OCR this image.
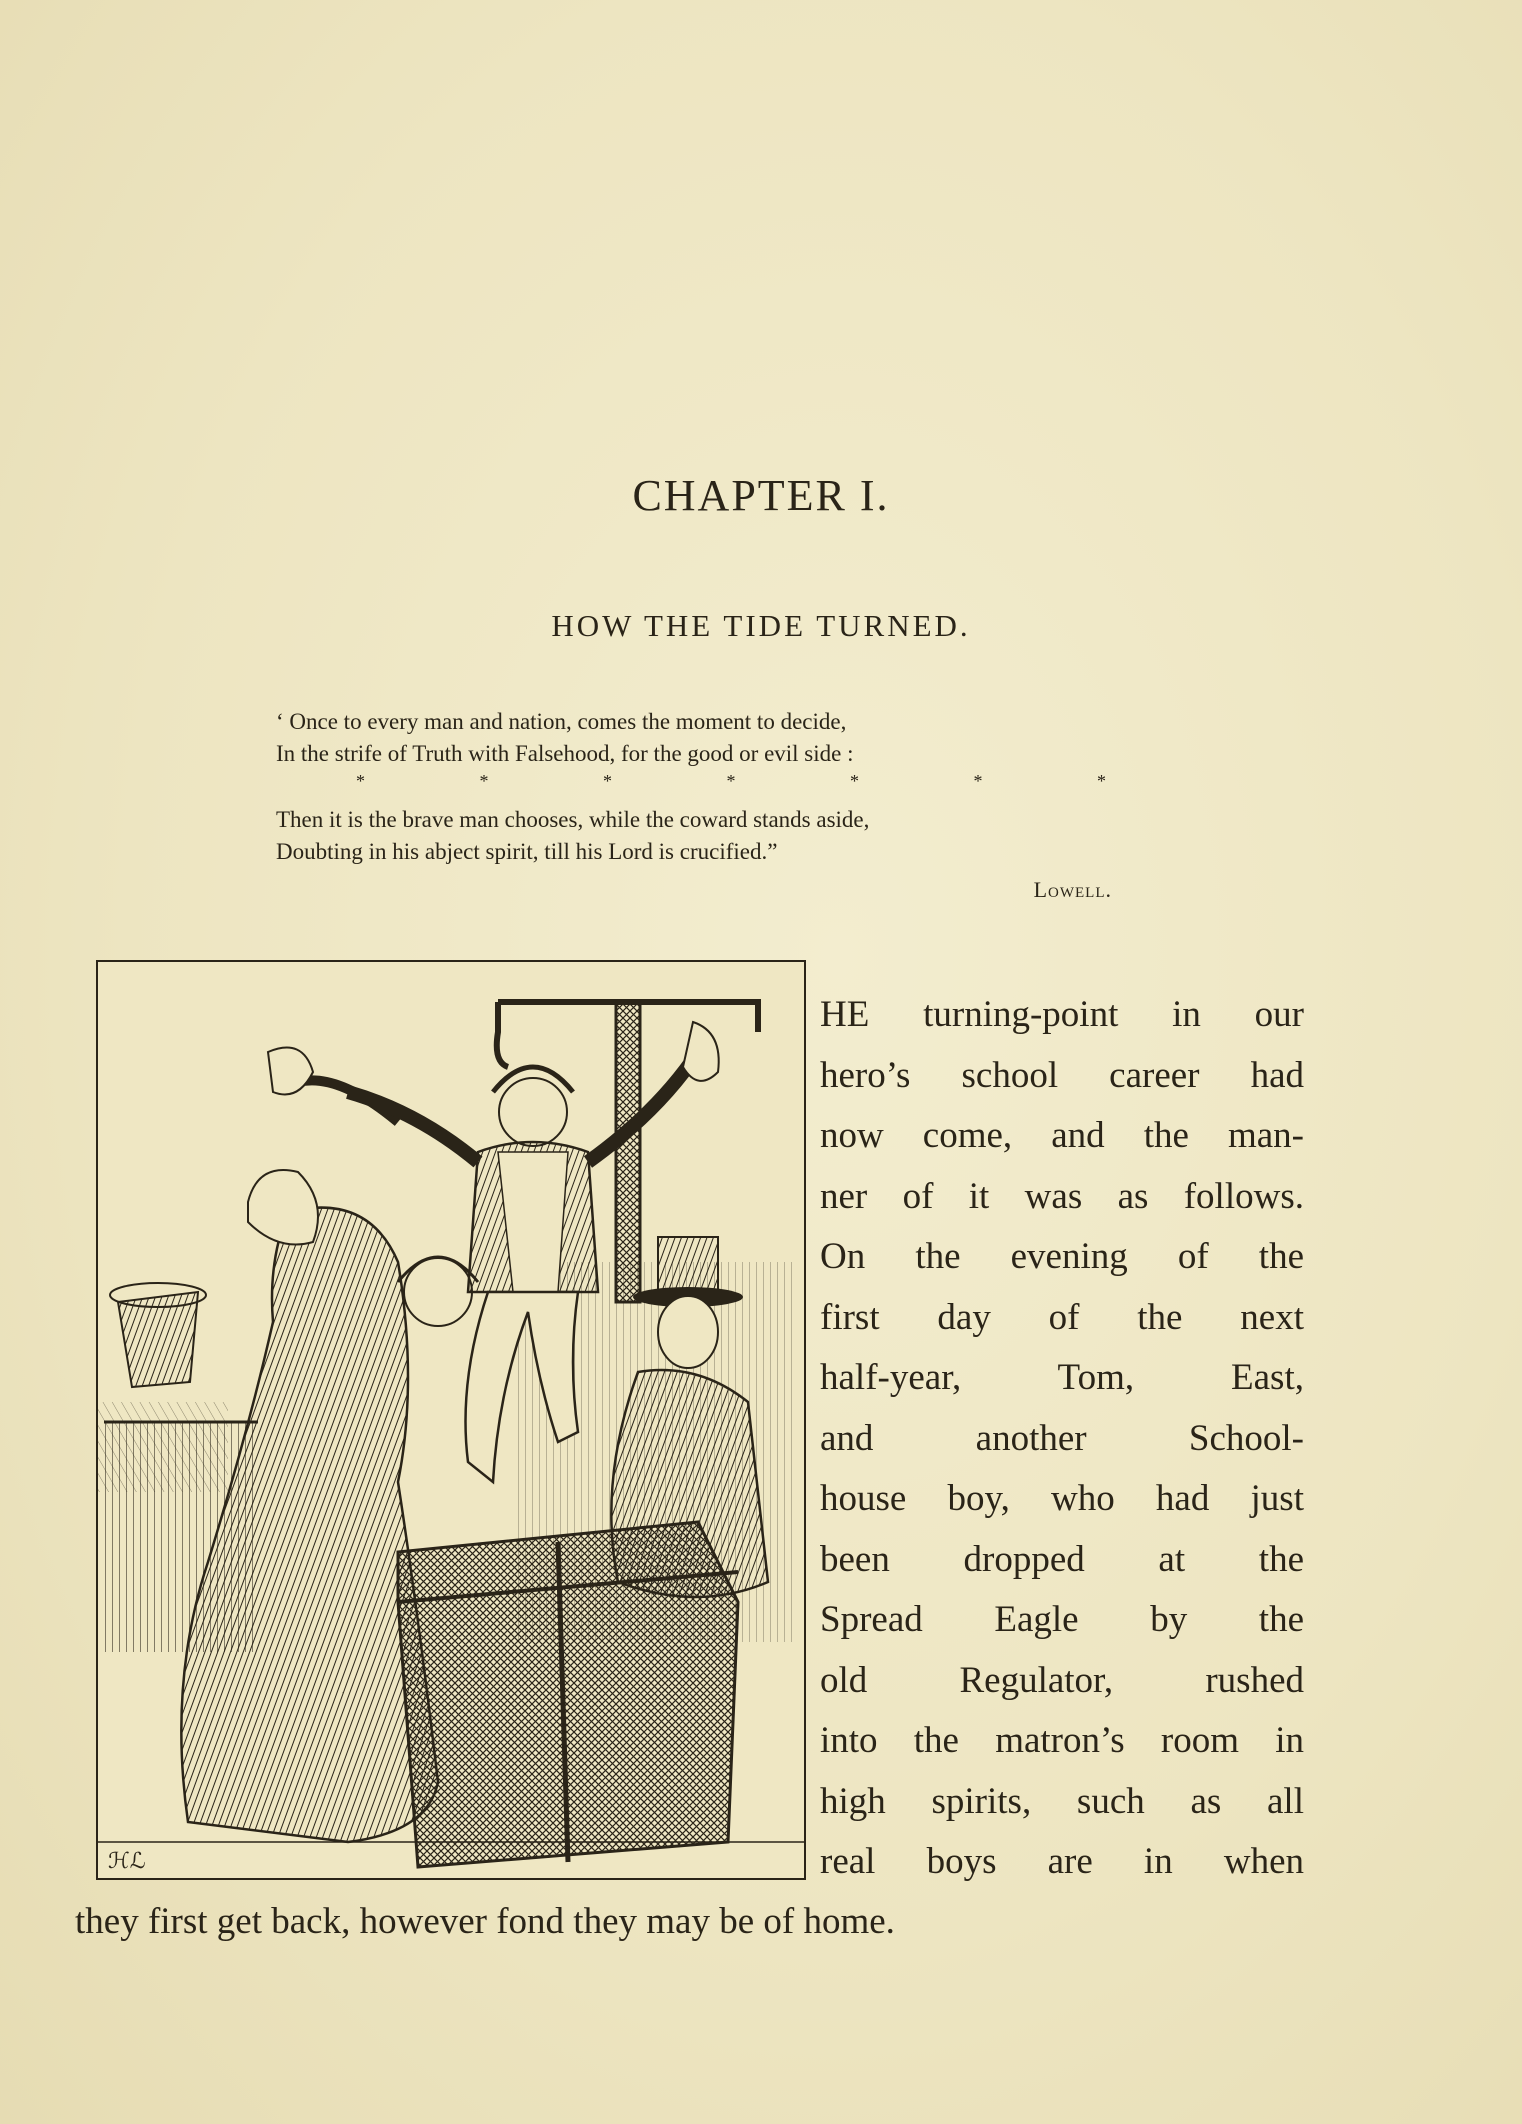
CHAPTER I.
HOW THE TIDE TURNED.
‘ Once to every man and nation, comes the moment to decide,
In the strife of Truth with Falsehood, for the good or evil side :
*	*	*	*	*	*	*
Then it is the brave man chooses, while the coward stands aside,
Doubting in his abject spirit, till his Lord is crucified.”
Lowell.
ℋℒ
HE turning-point in our
hero’s school career had
now come, and the man-
ner of it was as follows.
On the evening of the
first day of the next
half-year, Tom, East,
and another School-
house boy, who had just
been dropped at the
Spread Eagle by the
old Regulator, rushed
into the matron’s room in
high spirits, such as all
real boys are in when
they first get back, however fond they may be of home.
